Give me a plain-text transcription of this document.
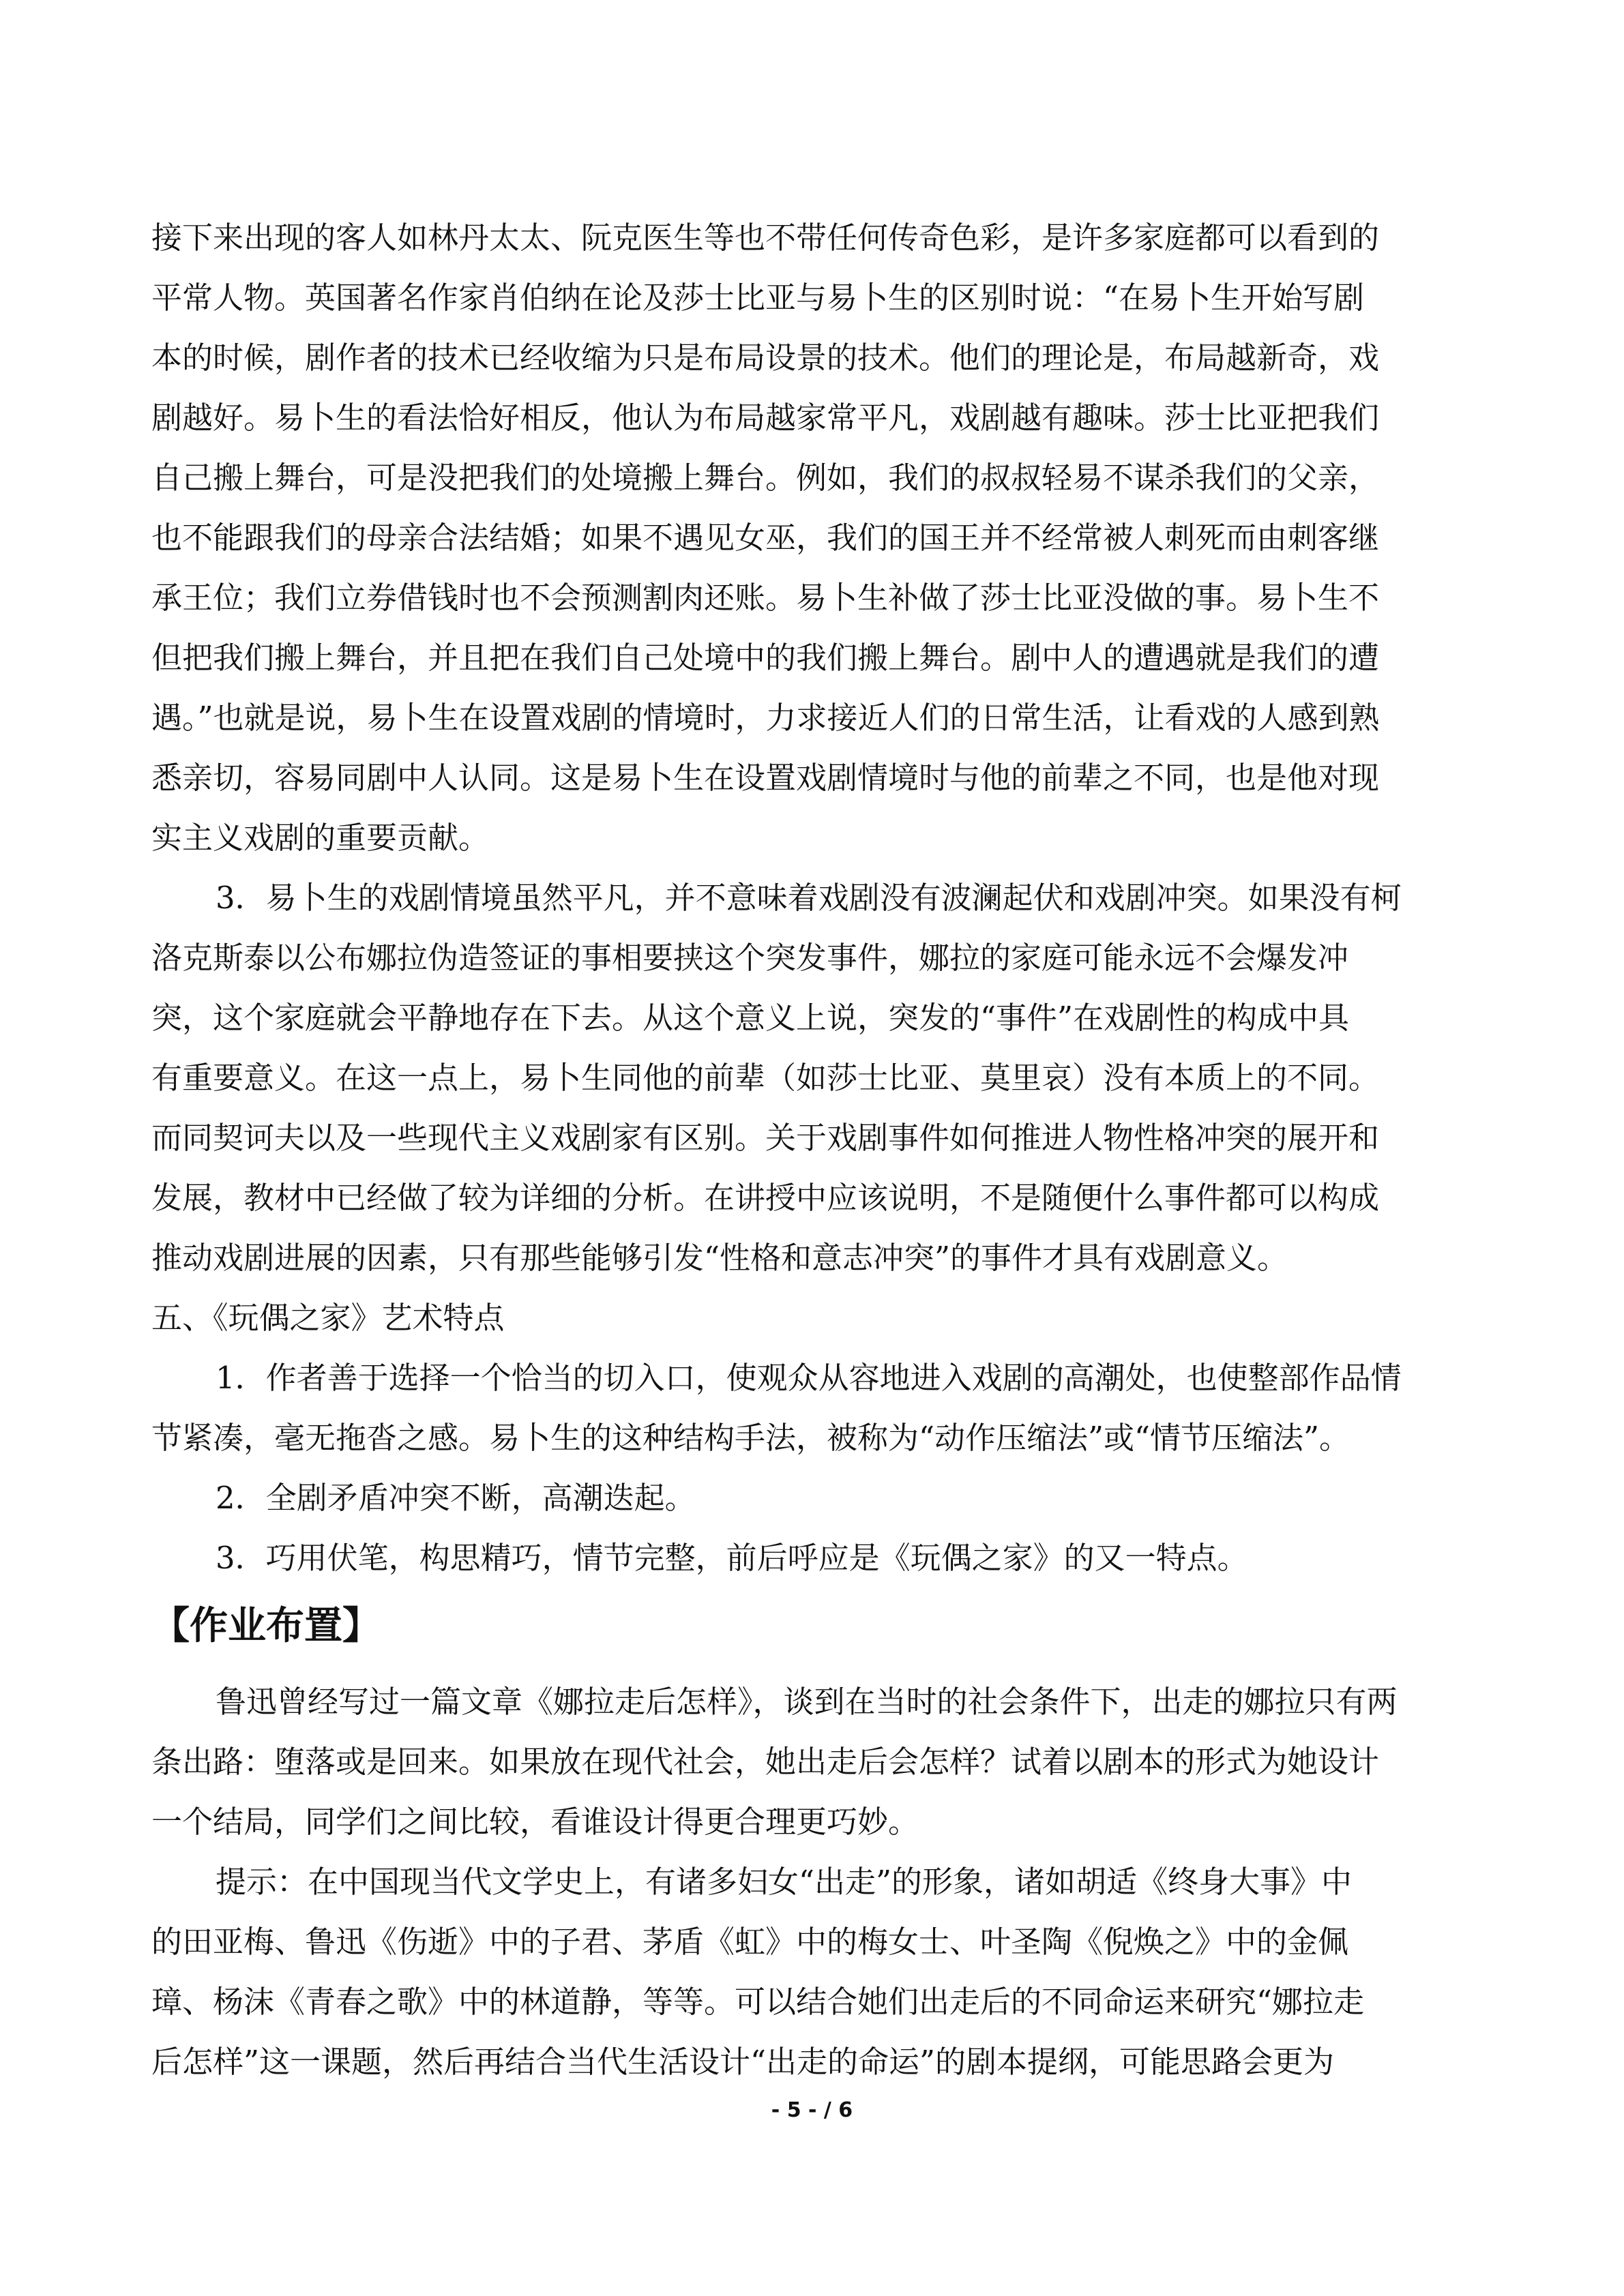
接下来出现的客人如林丹太太、阮克医生等也不带任何传奇色彩，是许多家庭都可以看到的
平常人物。英国著名作家肖伯纳在论及莎士比亚与易卜生的区别时说：“在易卜生开始写剧
本的时候，剧作者的技术已经收缩为只是布局设景的技术。他们的理论是，布局越新奇，戏
剧越好。易卜生的看法恰好相反，他认为布局越家常平凡，戏剧越有趣味。莎士比亚把我们
自己搬上舞台，可是没把我们的处境搬上舞台。例如，我们的叔叔轻易不谋杀我们的父亲，
也不能跟我们的母亲合法结婚；如果不遇见女巫，我们的国王并不经常被人刺死而由刺客继
承王位；我们立券借钱时也不会预测割肉还账。易卜生补做了莎士比亚没做的事。易卜生不
但把我们搬上舞台，并且把在我们自己处境中的我们搬上舞台。剧中人的遭遇就是我们的遭
遇。”也就是说，易卜生在设置戏剧的情境时，力求接近人们的日常生活，让看戏的人感到熟
悉亲切，容易同剧中人认同。这是易卜生在设置戏剧情境时与他的前辈之不同，也是他对现
实主义戏剧的重要贡献。
3．易卜生的戏剧情境虽然平凡，并不意味着戏剧没有波澜起伏和戏剧冲突。如果没有柯
洛克斯泰以公布娜拉伪造签证的事相要挟这个突发事件，娜拉的家庭可能永远不会爆发冲
突，这个家庭就会平静地存在下去。从这个意义上说，突发的“事件”在戏剧性的构成中具
有重要意义。在这一点上，易卜生同他的前辈（如莎士比亚、莫里哀）没有本质上的不同。
而同契诃夫以及一些现代主义戏剧家有区别。关于戏剧事件如何推进人物性格冲突的展开和
发展，教材中已经做了较为详细的分析。在讲授中应该说明，不是随便什么事件都可以构成
推动戏剧进展的因素，只有那些能够引发“性格和意志冲突”的事件才具有戏剧意义。
五、《玩偶之家》艺术特点
1．作者善于选择一个恰当的切入口，使观众从容地进入戏剧的高潮处，也使整部作品情
节紧凑，毫无拖沓之感。易卜生的这种结构手法，被称为“动作压缩法”或“情节压缩法”。
2．全剧矛盾冲突不断，高潮迭起。
3．巧用伏笔，构思精巧，情节完整，前后呼应是《玩偶之家》的又一特点。
【作业布置】
鲁迅曾经写过一篇文章《娜拉走后怎样》，谈到在当时的社会条件下，出走的娜拉只有两
条出路：堕落或是回来。如果放在现代社会，她出走后会怎样？试着以剧本的形式为她设计
一个结局，同学们之间比较，看谁设计得更合理更巧妙。
提示：在中国现当代文学史上，有诸多妇女“出走”的形象，诸如胡适《终身大事》中
的田亚梅、鲁迅《伤逝》中的子君、茅盾《虹》中的梅女士、叶圣陶《倪焕之》中的金佩
璋、杨沫《青春之歌》中的林道静，等等。可以结合她们出走后的不同命运来研究“娜拉走
后怎样”这一课题，然后再结合当代生活设计“出走的命运”的剧本提纲，可能思路会更为
- 5 - / 6
